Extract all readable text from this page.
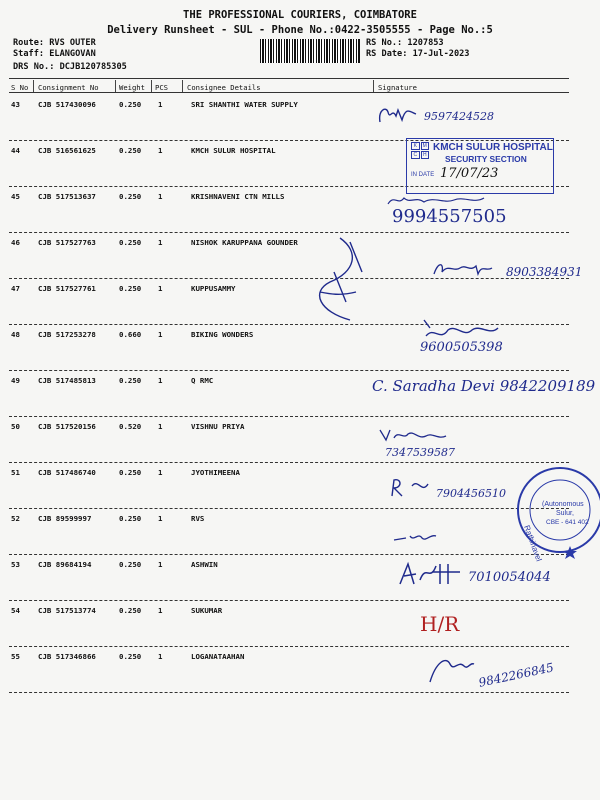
THE PROFESSIONAL COURIERS, COIMBATORE
Delivery Runsheet - SUL - Phone No.:0422-3505555 - Page No.:5
Route: RVS OUTER
Staff: ELANGOVAN
DRS No.: DCJB120785305
RS No.: 1207853
RS Date: 17-Jul-2023
S No Consignment No	Weight PCS	Consignee Details	Signature
43 CJB 517430096	0.250 1	SRI SHANTHI WATER SUPPLY
44 CJB 516561625	0.250 1	KMCH SULUR HOSPITAL
45 CJB 517513637	0.250 1	KRISHNAVENI CTN MILLS
46 CJB 517527763	0.250 1	NISHOK KARUPPANA GOUNDER
47 CJB 517527761	0.250 1	KUPPUSAMMY
48 CJB 517253278	0.660 1	BIKING WONDERS
49 CJB 517485813	0.250 1	Q RMC
50 CJB 517520156	0.520 1	VISHNU PRIYA
51 CJB 517486740	0.250 1	JYOTHIMEENA
52 CJB 89599997	0.250 1	RVS
53 CJB 89684194	0.250 1	ASHWIN
54 CJB 517513774	0.250 1	SUKUMAR
55 CJB 517346866	0.250 1	LOGANATAAHAN
9597424528
K	M
C	H
KMCH SULUR HOSPITAL
SECURITY SECTION
IN DATE 17/07/23
9994557505
8903384931
9600505398
C. Saradha Devi 9842209189
7347539587
7904456510
Rathinavel
(Autonomous
Sulur,
CBE - 641 402
7010054044
H/R
9842266845
